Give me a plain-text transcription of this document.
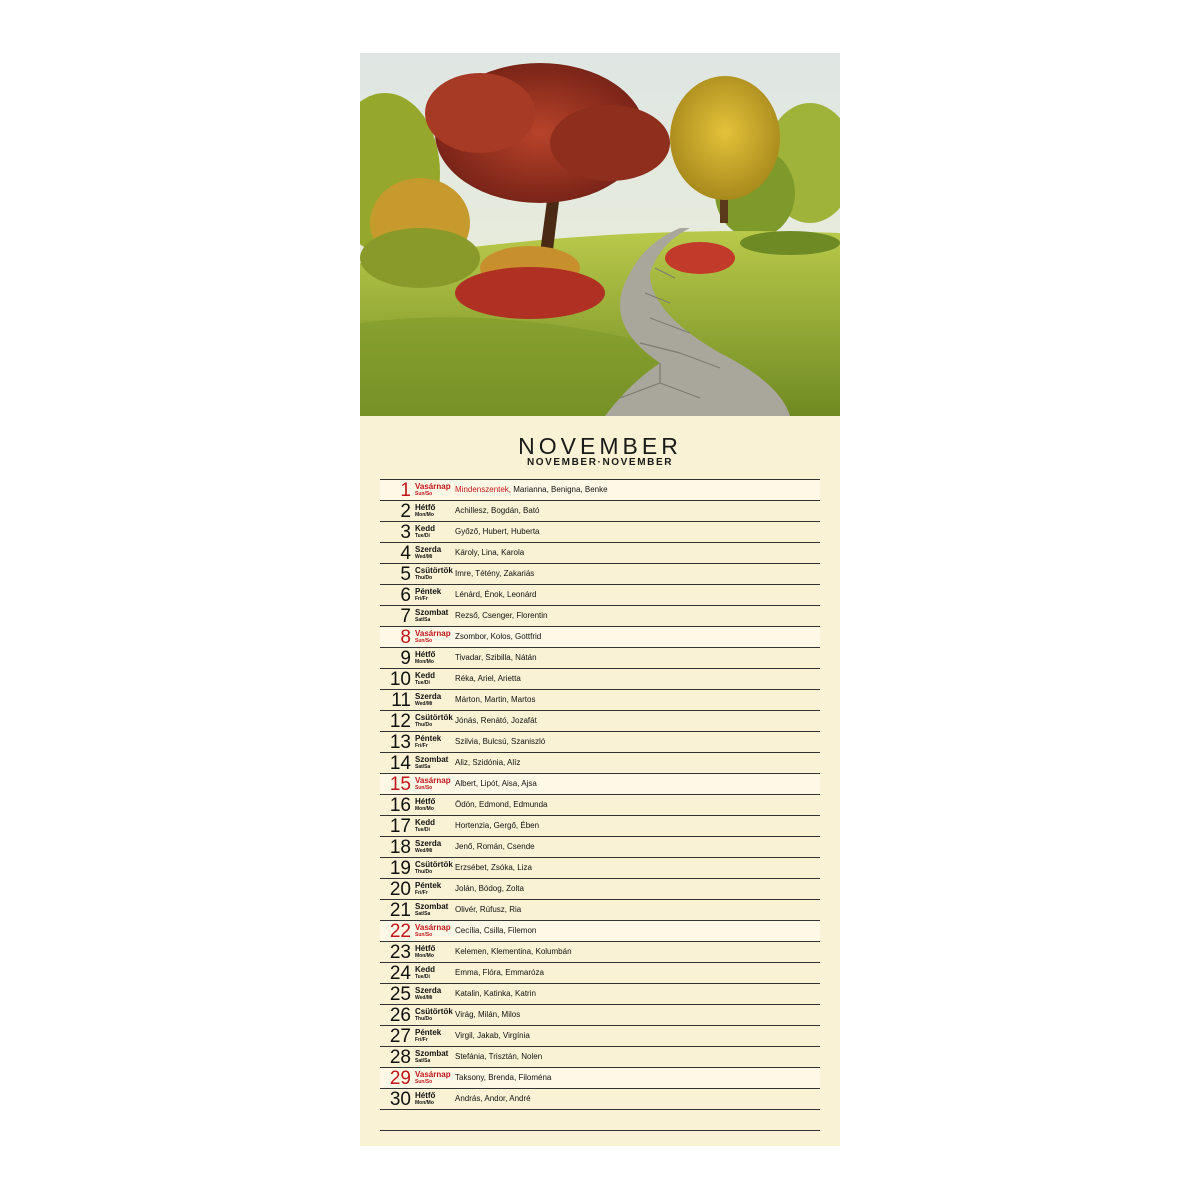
NOVEMBER
NOVEMBER·NOVEMBER
1 Vasárnap
Sun/So	Mindenszentek, Marianna, Benigna, Benke
2 Hétfő
Mon/Mo	Achillesz, Bogdán, Bató
3 Kedd
Tue/Di	Győző, Hubert, Huberta
4 Szerda
Wed/Mi	Károly, Lina, Karola
5 Csütörtök
Thu/Do	Imre, Tétény, Zakariás
6 Péntek
Fri/Fr	Lénárd, Énok, Leonárd
7 Szombat
Sat/Sa	Rezső, Csenger, Florentin
8 Vasárnap
Sun/So	Zsombor, Kolos, Gottfrid
9 Hétfő
Mon/Mo	Tivadar, Szibilla, Nátán
10 Kedd
Tue/Di	Réka, Ariel, Arietta
11 Szerda
Wed/Mi	Márton, Martin, Martos
12 Csütörtök
Thu/Do	Jónás, Renátó, Jozafát
13 Péntek
Fri/Fr	Szilvia, Bulcsú, Szaniszló
14 Szombat
Sat/Sa	Aliz, Szidónia, Alíz
15 Vasárnap
Sun/So	Albert, Lipót, Aisa, Ajsa
16 Hétfő
Mon/Mo	Ödön, Edmond, Edmunda
17 Kedd
Tue/Di	Hortenzia, Gergő, Ében
18 Szerda
Wed/Mi	Jenő, Román, Csende
19 Csütörtök
Thu/Do	Erzsébet, Zsóka, Liza
20 Péntek
Fri/Fr	Jolán, Bódog, Zolta
21 Szombat
Sat/Sa	Olivér, Rúfusz, Ria
22 Vasárnap
Sun/So	Cecília, Csilla, Filemon
23 Hétfő
Mon/Mo	Kelemen, Klementina, Kolumbán
24 Kedd
Tue/Di	Emma, Flóra, Emmaróza
25 Szerda
Wed/Mi	Katalin, Katinka, Katrin
26 Csütörtök
Thu/Do	Virág, Milán, Milos
27 Péntek
Fri/Fr	Virgil, Jakab, Virgínia
28 Szombat
Sat/Sa	Stefánia, Trisztán, Nolen
29 Vasárnap
Sun/So	Taksony, Brenda, Filoména
30 Hétfő
Mon/Mo	András, Andor, André
